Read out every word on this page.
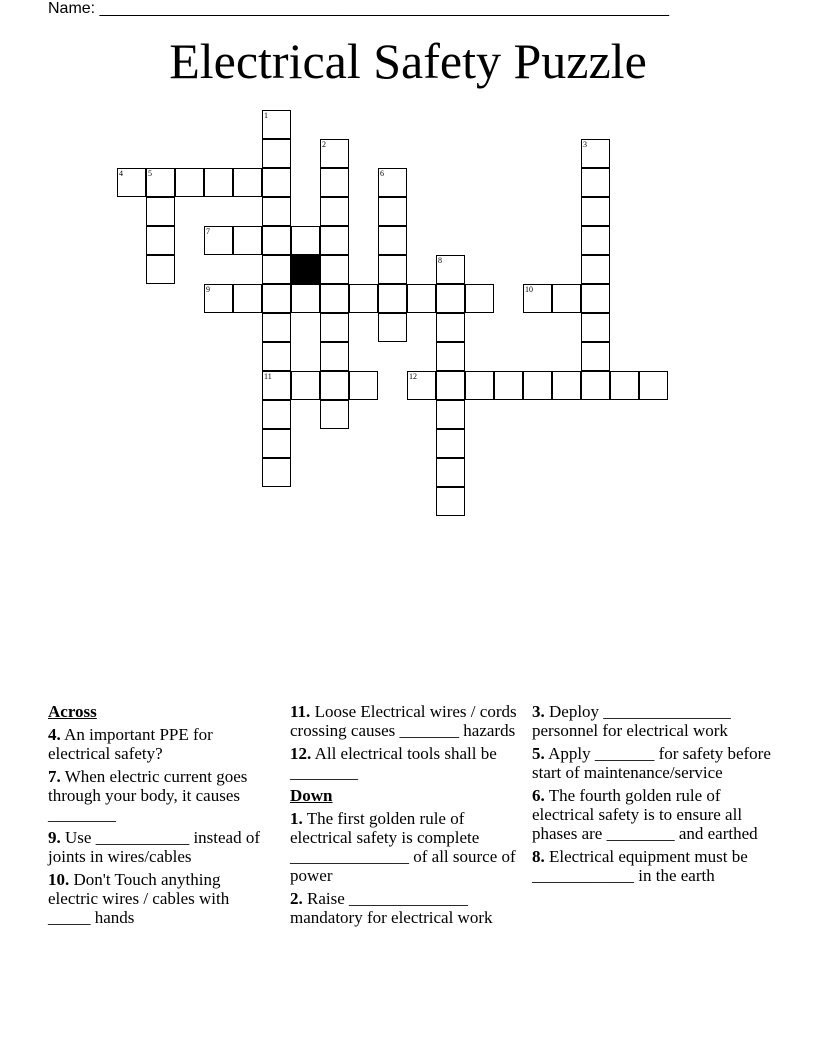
Name: ________________________________________________________________
Electrical Safety Puzzle
1
2	3
4	5	6
7
8
9	10
11	12
Across
4. An important PPE for electrical safety?
7. When electric current goes through your body, it causes ________
9. Use ___________ instead of joints in wires/cables
10. Don't Touch anything electric wires / cables with _____ hands
11. Loose Electrical wires / cords crossing causes _______ hazards
12. All electrical tools shall be ________
Down
1. The first golden rule of electrical safety is complete ______________ of all source of power
2. Raise ______________ mandatory for electrical work
3. Deploy _______________ personnel for electrical work
5. Apply _______ for safety before start of maintenance/service
6. The fourth golden rule of electrical safety is to ensure all phases are ________ and earthed
8. Electrical equipment must be ____________ in the earth
